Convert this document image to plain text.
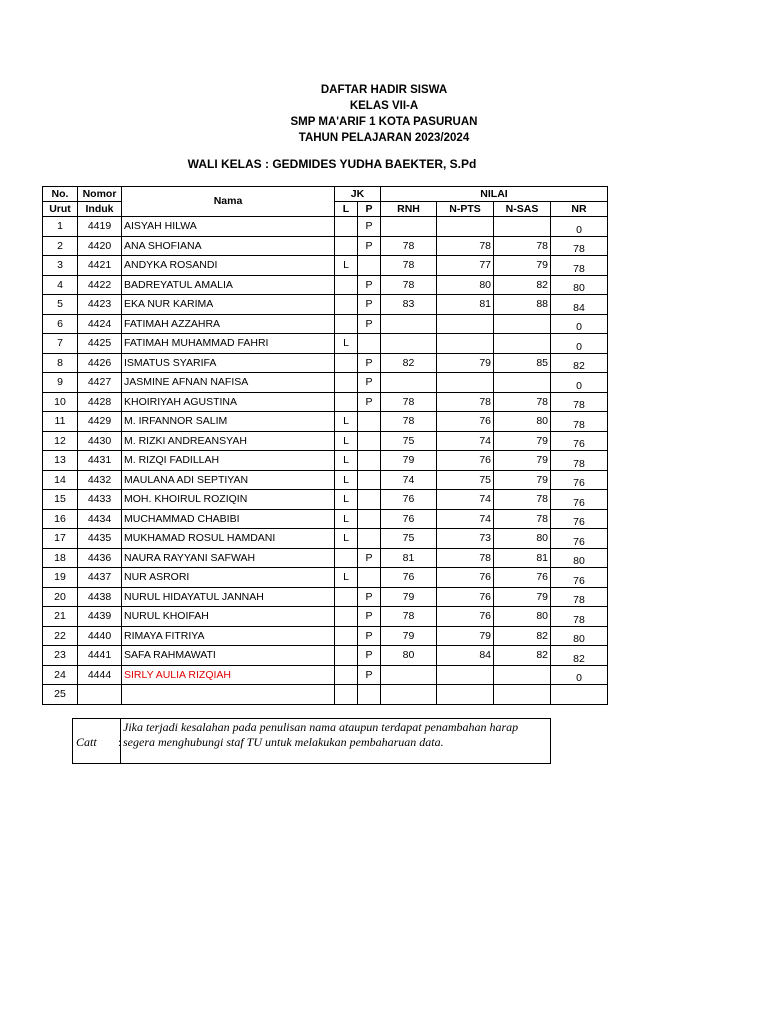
DAFTAR HADIR SISWA
KELAS VII-A
SMP MA'ARIF 1 KOTA PASURUAN
TAHUN PELAJARAN 2023/2024
WALI KELAS : GEDMIDES YUDHA BAEKTER, S.Pd
No.	Nomor	Nama	JK		NILAI			
Urut	Induk		L	P	RNH	N-PTS	N-SAS	NR
1	4419	AISYAH HILWA		P				0
2	4420	ANA SHOFIANA		P	78	78	78	78
3	4421	ANDYKA ROSANDI	L		78	77	79	78
4	4422	BADREYATUL AMALIA		P	78	80	82	80
5	4423	EKA NUR KARIMA		P	83	81	88	84
6	4424	FATIMAH AZZAHRA		P				0
7	4425	FATIMAH MUHAMMAD FAHRI	L					0
8	4426	ISMATUS SYARIFA		P	82	79	85	82
9	4427	JASMINE AFNAN NAFISA		P				0
10	4428	KHOIRIYAH AGUSTINA		P	78	78	78	78
11	4429	M. IRFANNOR SALIM	L		78	76	80	78
12	4430	M. RIZKI ANDREANSYAH	L		75	74	79	76
13	4431	M. RIZQI FADILLAH	L		79	76	79	78
14	4432	MAULANA ADI SEPTIYAN	L		74	75	79	76
15	4433	MOH. KHOIRUL ROZIQIN	L		76	74	78	76
16	4434	MUCHAMMAD CHABIBI	L		76	74	78	76
17	4435	MUKHAMAD ROSUL HAMDANI	L		75	73	80	76
18	4436	NAURA RAYYANI SAFWAH		P	81	78	81	80
19	4437	NUR ASRORI	L		76	76	76	76
20	4438	NURUL HIDAYATUL JANNAH		P	79	76	79	78
21	4439	NURUL KHOIFAH		P	78	76	80	78
22	4440	RIMAYA FITRIYA		P	79	79	82	80
23	4441	SAFA RAHMAWATI		P	80	84	82	82
24	4444	SIRLY AULIA RIZQIAH		P				0
25								
Catt :
Jika terjadi kesalahan pada penulisan nama ataupun terdapat penambahan harap segera menghubungi staf TU untuk melakukan pembaharuan data.
